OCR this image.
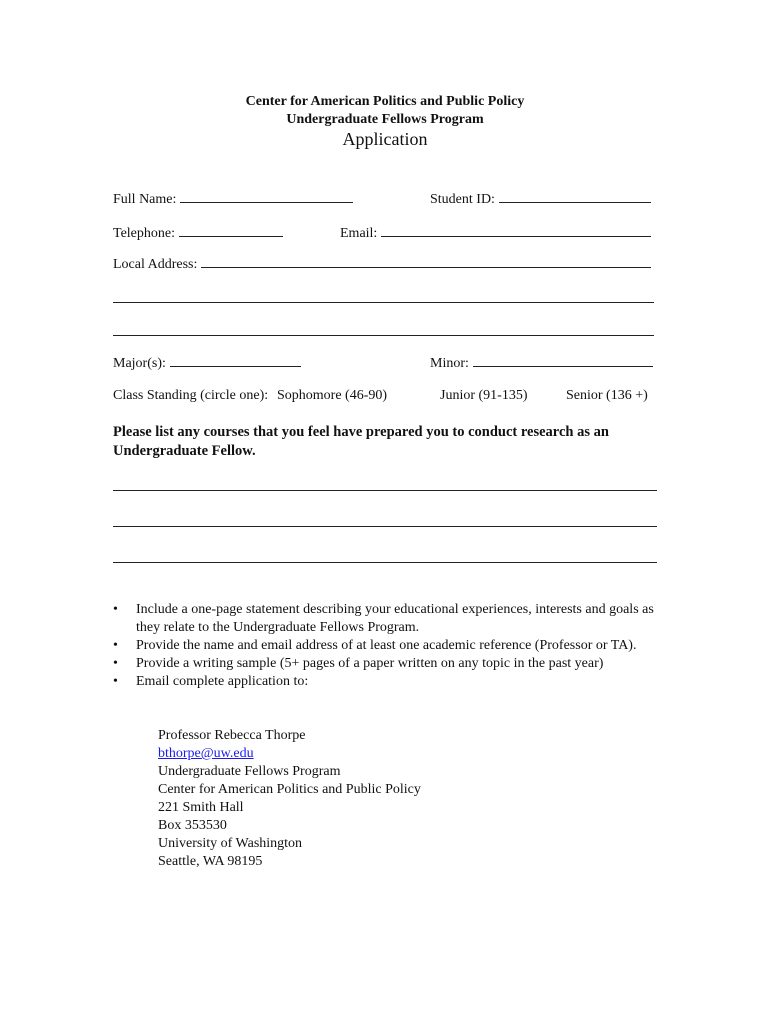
Center for American Politics and Public Policy
Undergraduate Fellows Program
Application
Full Name:	Student ID:
Telephone:	Email:
Local Address:
Major(s):	Minor:
Class Standing (circle one): Sophomore (46-90)	Junior (91-135)	Senior (136 +)
Please list any courses that you feel have prepared you to conduct research as an Undergraduate Fellow.
• Include a one-page statement describing your educational experiences, interests and goals as they relate to the Undergraduate Fellows Program.
• Provide the name and email address of at least one academic reference (Professor or TA).
• Provide a writing sample (5+ pages of a paper written on any topic in the past year)
• Email complete application to:
Professor Rebecca Thorpe
bthorpe@uw.edu
Undergraduate Fellows Program
Center for American Politics and Public Policy
221 Smith Hall
Box 353530
University of Washington
Seattle, WA 98195
